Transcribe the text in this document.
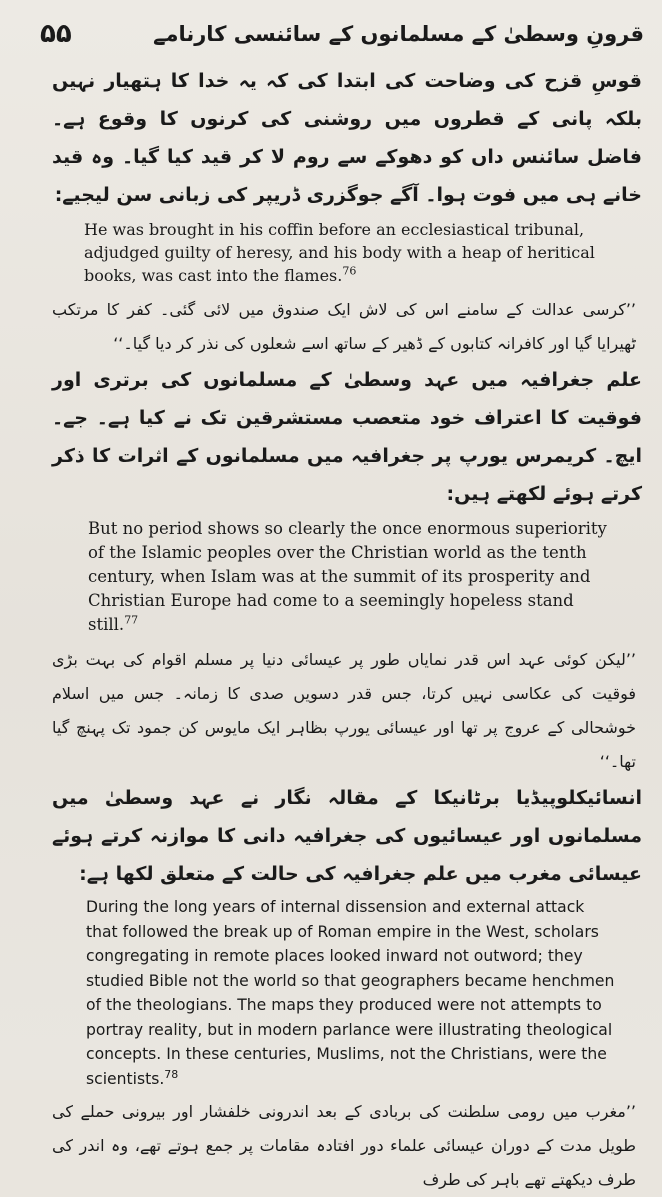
۵۵	قرونِ وسطیٰ کے مسلمانوں کے سائنسی کارنامے

قوسِ قزح کی وضاحت کی ابتدا کی کہ یہ خدا کا ہتھیار نہیں بلکہ پانی کے قطروں میں روشنی کی کرنوں کا وقوع ہے۔ فاضل سائنس داں کو دھوکے سے روم لا کر قید کیا گیا۔ وہ قید خانے ہی میں فوت ہوا۔ آگے جوگزری ڈریپر کی زبانی سن لیجیے:

He was brought in his coffin before an ecclesiastical tribunal, adjudged guilty of heresy, and his body with a heap of heritical books, was cast into the flames.$^{76}$

’’کرسی عدالت کے سامنے اس کی لاش ایک صندوق میں لائی گئی۔ کفر کا مرتکب ٹھیرایا گیا اور کافرانہ کتابوں کے ڈھیر کے ساتھ اسے شعلوں کی نذر کر دیا گیا۔‘‘

علم جغرافیہ میں عہد وسطیٰ کے مسلمانوں کی برتری اور فوقیت کا اعتراف خود متعصب مستشرقین تک نے کیا ہے۔ جے۔ ایچ۔ کریمرس یورپ پر جغرافیہ میں مسلمانوں کے اثرات کا ذکر کرتے ہوئے لکھتے ہیں:

But no period shows so clearly the once enormous superiority of the Islamic peoples over the Christian world as the tenth century, when Islam was at the summit of its prosperity and Christian Europe had come to a seemingly hopeless stand still.$^{77}$

’’لیکن کوئی عہد اس قدر نمایاں طور پر عیسائی دنیا پر مسلم اقوام کی بہت بڑی فوقیت کی عکاسی نہیں کرتا، جس قدر دسویں صدی کا زمانہ۔ جس میں اسلام خوشحالی کے عروج پر تھا اور عیسائی یورپ بظاہر ایک مایوس کن جمود تک پہنچ گیا تھا۔‘‘

انسائیکلوپیڈیا برٹانیکا کے مقالہ نگار نے عہد وسطیٰ میں مسلمانوں اور عیسائیوں کی جغرافیہ دانی کا موازنہ کرتے ہوئے عیسائی مغرب میں علم جغرافیہ کی حالت کے متعلق لکھا ہے:

During the long years of internal dissension and external attack that followed the break up of Roman empire in the West, scholars congregating in remote places looked inward not outword; they studied Bible not the world so that geographers became henchmen of the theologians. The maps they produced were not attempts to portray reality, but in modern parlance were illustrating theological concepts. In these centuries, Muslims, not the Christians, were the scientists.$^{78}$

’’مغرب میں رومی سلطنت کی بربادی کے بعد اندرونی خلفشار اور بیرونی حملے کی طویل مدت کے دوران عیسائی علماء دور افتادہ مقامات پر جمع ہوتے تھے، وہ اندر کی طرف دیکھتے تھے باہر کی طرف
